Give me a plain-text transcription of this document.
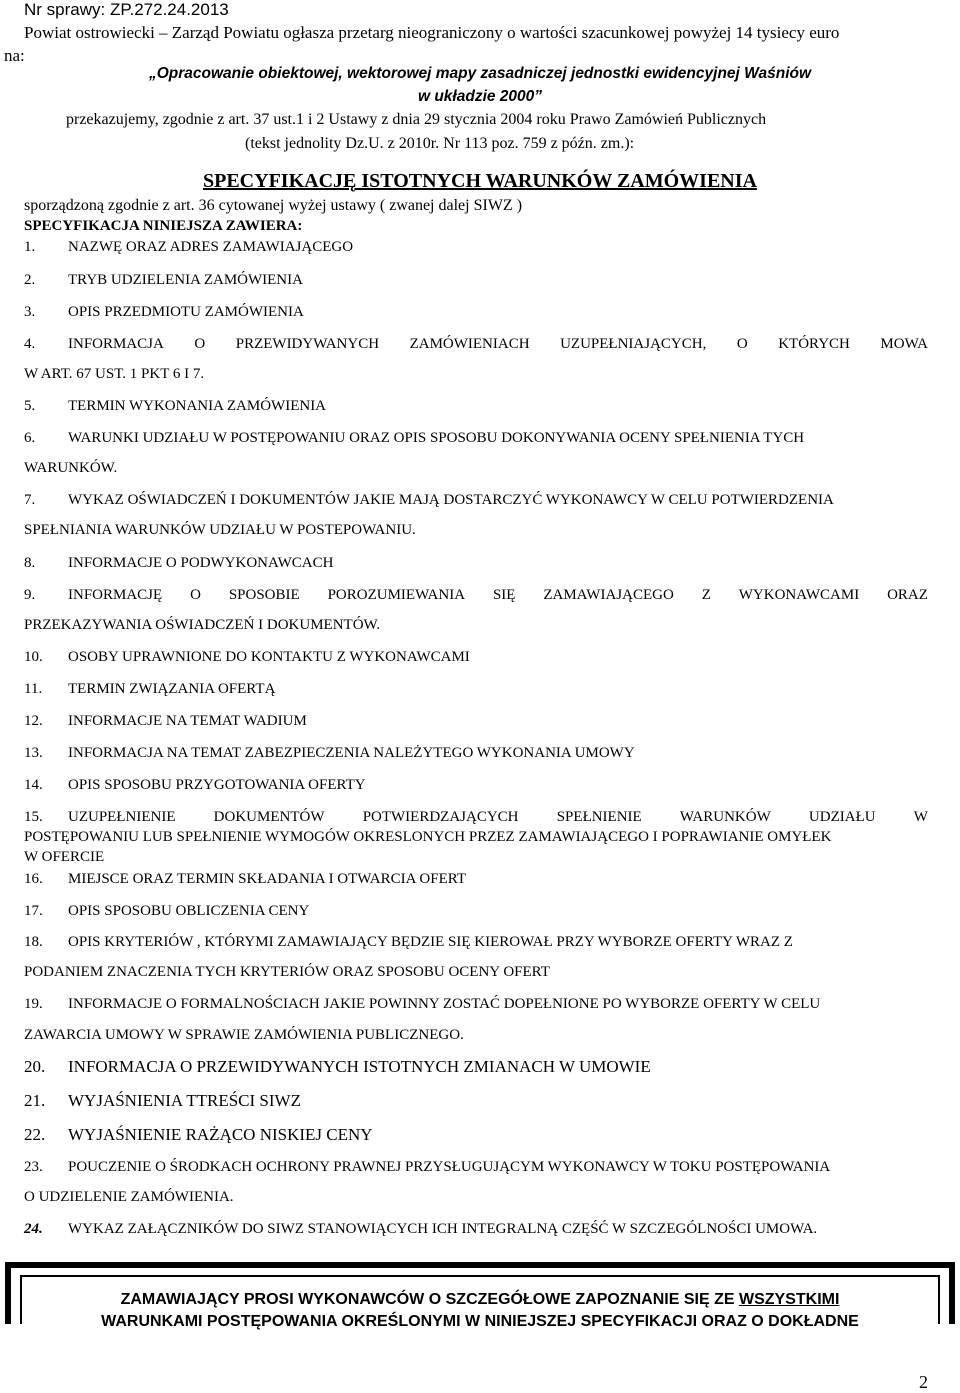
Nr sprawy: ZP.272.24.2013
Powiat ostrowiecki – Zarząd Powiatu ogłasza przetarg nieograniczony o wartości szacunkowej powyżej 14 tysiecy euro
na:
„Opracowanie obiektowej, wektorowej mapy zasadniczej jednostki ewidencyjnej Waśniów
w układzie 2000”
przekazujemy, zgodnie z art. 37 ust.1 i 2 Ustawy z dnia 29 stycznia 2004 roku Prawo Zamówień Publicznych
(tekst jednolity Dz.U. z 2010r. Nr 113 poz. 759 z późn. zm.):
SPECYFIKACJĘ ISTOTNYCH WARUNKÓW ZAMÓWIENIA
sporządzoną zgodnie z art. 36 cytowanej wyżej ustawy ( zwanej dalej SIWZ )
SPECYFIKACJA NINIEJSZA ZAWIERA:
1. NAZWĘ ORAZ ADRES ZAMAWIAJĄCEGO
2. TRYB UDZIELENIA ZAMÓWIENIA
3. OPIS PRZEDMIOTU ZAMÓWIENIA
4. INFORMACJA O PRZEWIDYWANYCH ZAMÓWIENIACH UZUPEŁNIAJĄCYCH, O KTÓRYCH MOWA
W ART. 67 UST. 1 PKT 6 I 7.
5. TERMIN WYKONANIA ZAMÓWIENIA
6. WARUNKI UDZIAŁU W POSTĘPOWANIU ORAZ OPIS SPOSOBU DOKONYWANIA OCENY SPEŁNIENIA TYCH
WARUNKÓW.
7. WYKAZ OŚWIADCZEŃ I DOKUMENTÓW JAKIE MAJĄ DOSTARCZYĆ WYKONAWCY W CELU POTWIERDZENIA
SPEŁNIANIA WARUNKÓW UDZIAŁU W POSTEPOWANIU.
8. INFORMACJE O PODWYKONAWCACH
9. INFORMACJĘ O SPOSOBIE POROZUMIEWANIA SIĘ ZAMAWIAJĄCEGO Z WYKONAWCAMI ORAZ
PRZEKAZYWANIA OŚWIADCZEŃ I DOKUMENTÓW.
10. OSOBY UPRAWNIONE DO KONTAKTU Z WYKONAWCAMI
11. TERMIN ZWIĄZANIA OFERTĄ
12. INFORMACJE NA TEMAT WADIUM
13. INFORMACJA NA TEMAT ZABEZPIECZENIA NALEŻYTEGO WYKONANIA UMOWY
14. OPIS SPOSOBU PRZYGOTOWANIA OFERTY
15. UZUPEŁNIENIE	DOKUMENTÓW	POTWIERDZAJĄCYCH	SPEŁNIENIE	WARUNKÓW	UDZIAŁU	W
POSTĘPOWANIU LUB SPEŁNIENIE WYMOGÓW OKRESLONYCH PRZEZ ZAMAWIAJĄCEGO I POPRAWIANIE OMYŁEK
W OFERCIE
16. MIEJSCE ORAZ TERMIN SKŁADANIA I OTWARCIA OFERT
17. OPIS SPOSOBU OBLICZENIA CENY
18. OPIS KRYTERIÓW , KTÓRYMI ZAMAWIAJĄCY BĘDZIE SIĘ KIEROWAŁ PRZY WYBORZE OFERTY WRAZ Z
PODANIEM ZNACZENIA TYCH KRYTERIÓW ORAZ SPOSOBU OCENY OFERT
19. INFORMACJE O FORMALNOŚCIACH JAKIE POWINNY ZOSTAĆ DOPEŁNIONE PO WYBORZE OFERTY W CELU
ZAWARCIA UMOWY W SPRAWIE ZAMÓWIENIA PUBLICZNEGO.
20. INFORMACJA O PRZEWIDYWANYCH ISTOTNYCH ZMIANACH W UMOWIE
21. WYJAŚNIENIA TTREŚCI SIWZ
22. WYJAŚNIENIE RAŻĄCO NISKIEJ CENY
23. POUCZENIE O ŚRODKACH OCHRONY PRAWNEJ PRZYSŁUGUJĄCYM WYKONAWCY W TOKU POSTĘPOWANIA
O UDZIELENIE ZAMÓWIENIA.
24. WYKAZ ZAŁĄCZNIKÓW DO SIWZ STANOWIĄCYCH ICH INTEGRALNĄ CZĘŚĆ W SZCZEGÓLNOŚCI UMOWA.
ZAMAWIAJĄCY PROSI WYKONAWCÓW O SZCZEGÓŁOWE ZAPOZNANIE SIĘ ZE WSZYSTKIMI
WARUNKAMI POSTĘPOWANIA OKREŚLONYMI W NINIEJSZEJ SPECYFIKACJI ORAZ O DOKŁADNE
2
